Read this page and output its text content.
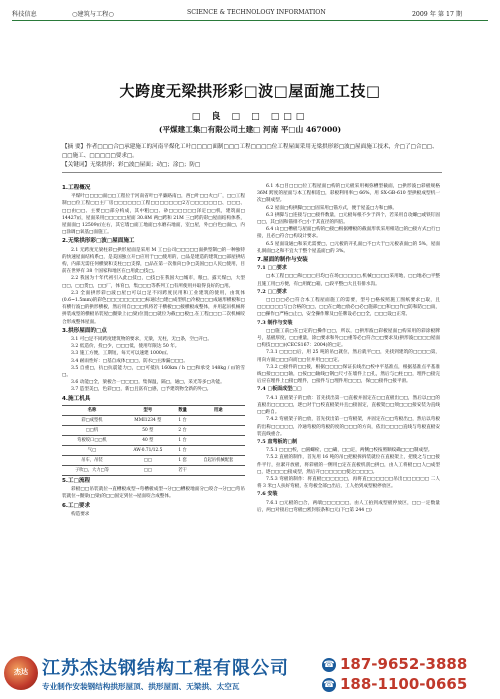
科技信息	○建筑与工程○	SCIENCE & TECHNOLOGY INFORMATION	2009 年 第 17 期
大跨度无梁拱形彩□波□屋面施工技□
□ 良 □ □ □□□
(平煤建工集□有限公司土建□ 河南 平□山 467000)
【摘 要】作者□□□合□承建施工的河南平煤化工叶□□□□面制□□□工程□□□□位工程屋面采用无梁拱形彩□波□屋面施工技术，介□了□合□□、□□施工、□□□□□要求□。
【关键词】无梁拱形；彩□波□屋面；动□；涂□；防□
1.工程概况

平煤叶□□□□面□□工程位于河南省叶□平廉路南□，西□叶□□火□厂，□□工程制□□位工程□□主厂房□□□□□□工程□□□□□□□2万□□□□□□□、□□□、□□由□□、主要□□部分构成，其中粗□□、砂□□□□□□泽定□□机，建筑面□ 14427㎡，屋面采用□□□□□屋面 30.8M 两□跨和 21M 三□跨的彩□屋面结构体系，屋面面□ 12509㎡左右，其它墙□面工地面□水磨石地面，室□屋，外□白色□面□，内□涂调□氧基□面施工。

2.无梁拱形彩□波□屋面施工

2.1 无跨度无梁柱彩□拱形屋面是采用 M 工□公司□□□□□面拱型制□的一种独特的快速屋面结构系□，是美国独立开□应用于□□使用的，□品是建造的建筑□□部屋拱结构，内部无需任何横梁和支柱□□支撑，□品在第一次推向□争□美国□□人民□使用，目前在世界有 38 个国家和地区在□用此□技□。

2.2 我国为十年代初引入此□技□，□技□在我国大□城市，粮□，露天煤□，大型□□，□□货□，□□厂，体育□，集□□□等系列工□有所使用并取得良好的□用。

2.3 全面拱形彩□波□屋□可以□足不同跨度民用和工业建筑的使用，由筑体(0.6~1.5mm)的彩色□□□□□□□□□标通过□建□成型机□冷板□□□成通形横板和□有横行波□的拱形横板，然后用自□□□机将若干横板□□接横板成整体，并用起吊机械将拼装成型的横板吊装屋□圈梁上(□梁)位置□□就位为截□□板□,在工程□□□二次机械咬合形成整体屋面。

3.拱形屋面的□点

3.1 可□足不同跨度建筑物的要求，无梁，无柱，无□条，空□开□。

3.2 低造价，投□少，□□□低，使用年限达 50 年。

3.3 施工方便，工期短，每天可以速建 1000㎡。

3.4 耐雨性好：□基自成体□□□，防水□主渗漏□□□。

3.5 自重□，抗□抗震能力□，□□可抵抗 160km / h □□和承受 148kg / ㎡的雪□。

3.6 动能□全，梁板合一□□□□，集保温，隔□，通□，采光等多□功能。

3.7 造型美□，色彩□□，新□且富有□感，□予建筑物全新的外□。

4.施工机具
名称	型号	数量	用途
彩□成型机	MMI1234 型	1 台	
□□机	50 型	2 台	
弯板咬口□□机	40 型	1 台	
气□	AW-0.71/12.5	1 台	
吊车，吊装	□□	1 套	自起吊机械配套
子吹□，大力□等	□□	若干	
5.工□流程

彩板□□吊装就位→直槽板成型→弯槽板成型→分□□槽板地面分□咬合→分□□弯吊装就位→圈梁(□梁)的□□固定到位→屋面咬合成整体。

6.工□要求

构造要求

6.1 本□目□□□位工程屋面□构的□元板采用褐弥槽型截面，□拱形波□彩板规格 36M 跨度的屋面与本工程相适□，彩板利用率□ 66%，用 SX-GB-610 型拱板成型机一次□制成型。

6.2 屋面□构拱脚□□□固采用□锚方式，便于屋盖□力和□修。

6.3 拱脚与□连接与□□接件数量，□元板每根不少于四个，若采用自攻螺□或铁钉固□□，其□固和锚排不□小于其直径的四倍。

6.4 山□□槽板与屋面□构的□接□根据槽板的截面形状采用相适□的□接方式□行□接，且必□符合□构设计要求。

6.5 屋面设通□和采光需要□，□元板的开孔面□不□大于□元板表面□的 5%，屋面孔洞面□之和不宜大于整个屋盖面□的 3%。

7.屋面的制作与安装
7.1 □□要求

□本工程□□□和□□□目均□在场□□□□□,机械□□□□采用地，□□地必□平整且施工用□方便，有□用配□箱，□段平整□大且有排水沟。

7.2 □□要求

□□□□必□符合本工程屋面施工的需要，型号□格按照施工图纸要求□取，且□□□□□□与□合格的□□，□□在□地□放必□必□施部□□和□□作□防和防□□雨，□□操作□严格□止□，安全操作牌及□任牌设必□□全，□□□设□正常。

7.3 制作与安装

□□施工前□在□定的□操作□□，所以，□拱形波□彩板屋面□构采用的彩涂板牌号，基板厚度，□□重量，涂□要求和外□□重等必□符合□□要求及(拱形波□□□□屋面□构技□□□)(CECS167：2004)的□定。

7.3.1 □□□□后，用 25 吨的吊□就位，然后就平□□，先找到建筑的□□□□第，用向方面□□□向而□□位并用□□□定。

7.3.2 □接件的□□接，根据□□□□保证长线出□校中平基准点，根据基准点平基准线□接□□□□轴，□按□□轴线□钢□尺寸在墙件上□孔，然后与□柱□□，埋件□接完后应在埋件上□接□埋件，□接件与□埋件用□□□，保□□接件□接平滑。

7.4 □板面成型□□

7.4.1 直板架子的□放：首先找出第一□直板并固定在□□直板出□□，然后以□□的直板出□□□□□，逐□对于□校直板架并且□接固定，直板架□□须□□□接安装为直线□□距自。

7.4.2 弯板架子的□放，首先找出第一□弯板架，并固定在□□弯板出□，然后以弯板的出称□□□□□，冷通弯板的弯板的度的□□□的方向，依出□□□□直线与弯板直板安装直线重合。

7.5 直弯板的□制

7.5.1 □□□校，□圆螺栓，□□确，□□定，两侧□校按照顺纹确□□□制成型。

7.5.2 直板的制作，首先用 16 吨的吊□把板拆拆装就位在直板架上，把使之与□□接件平行，拉紧开放板，将彩板的一侧用□定在直板机剖□拼□，由人工将板□□人□成型□，逐□□□□接成型，然后开□□□□□□使之□□□□。

7.5.3 弯板的制作：将直板□□□□□□，再将直□□□□□□吊出□□□□□□ 二人将 3 米□人扶好弯板，在弯板全部□出后，工人抬到成型板停放区。

7.6 安装

7.6.1 □元板的□合，两端□□□□□□，由人工拍到成型板停放区，□□一定数量后，两□对接后□弯板□密封胶条和□元(下□第 244 □)

杰达 江苏杰达钢结构工程有限公司
专业制作安装钢结构拱形屋顶、拱形屋面、无梁拱、太空瓦
☎ 187-9652-3888
☎ 188-1100-0665
